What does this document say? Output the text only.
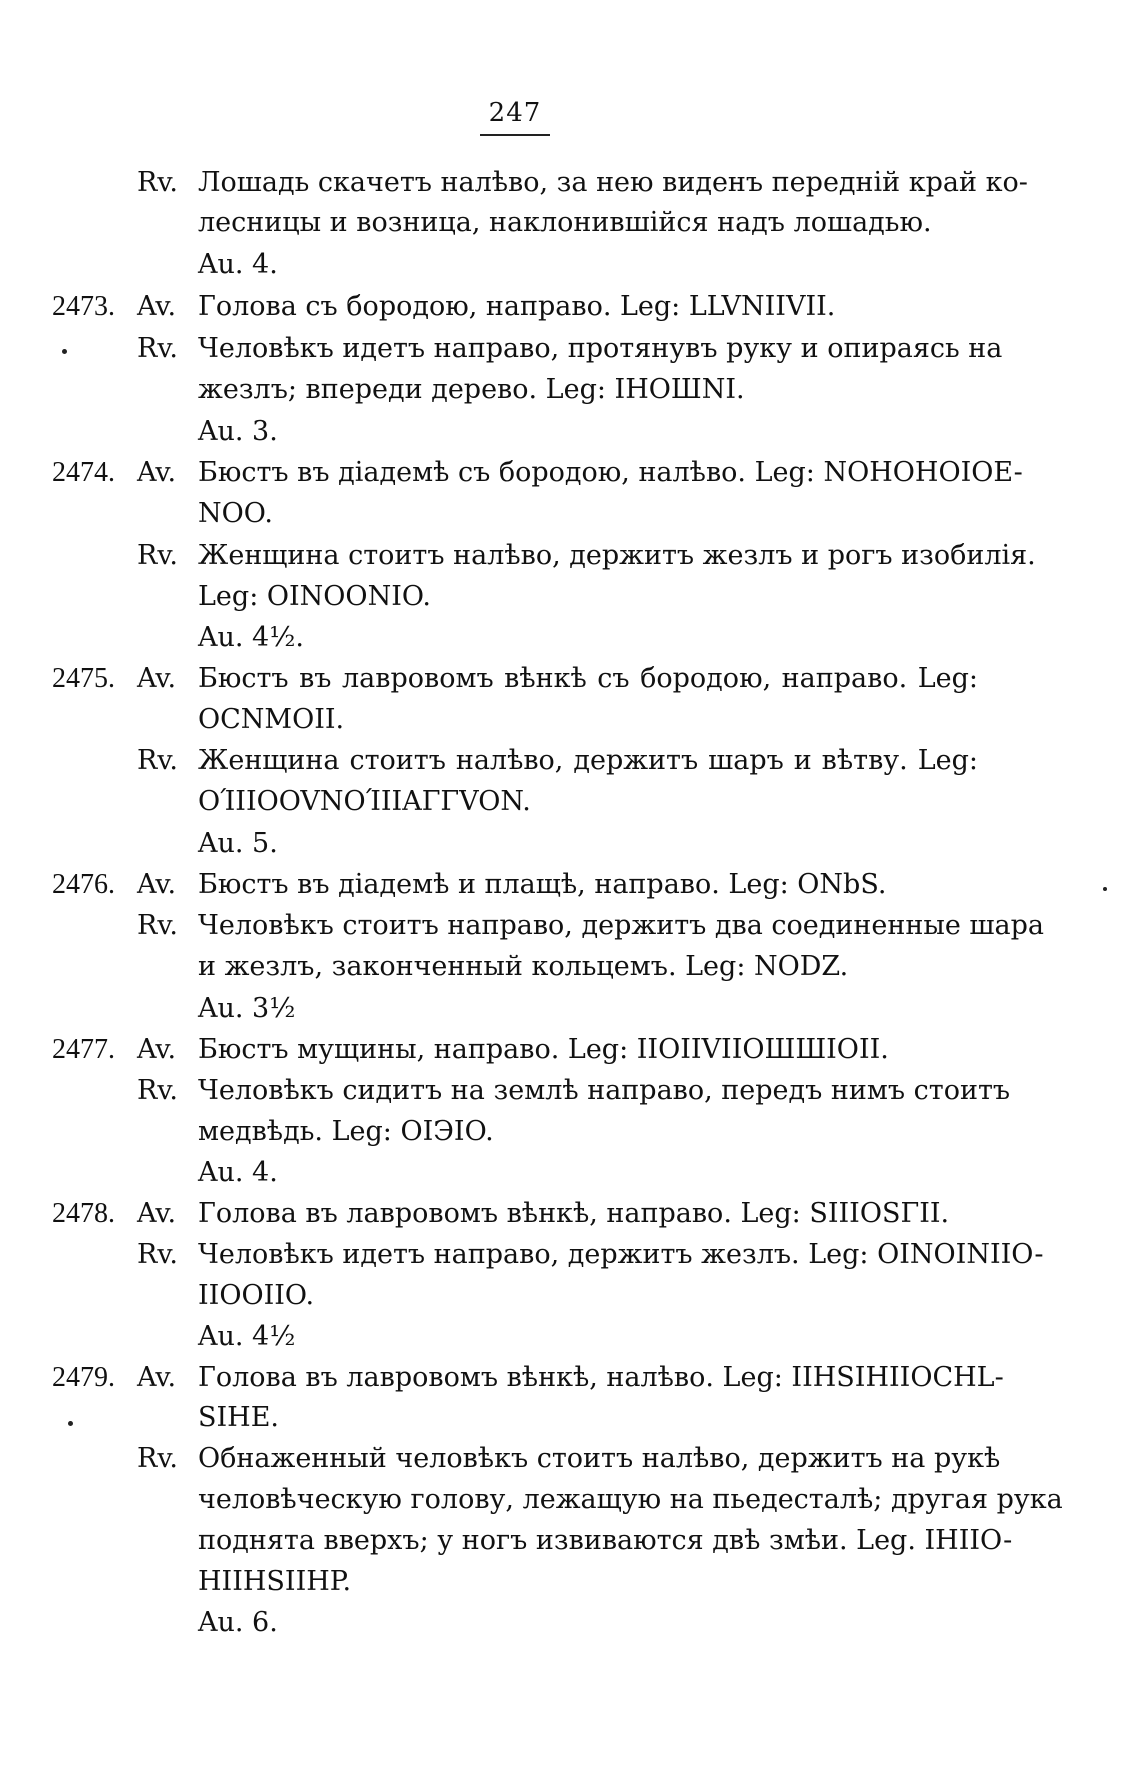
247
Rv. Лошадь скачетъ налѣво, за нею виденъ передній край ко-
лесницы и возница, наклонившійся надъ лошадью.
Au. 4.
2473. Av. Голова съ бородою, направо. Leg: LLVNIIVII.
Rv. Человѣкъ идетъ направо, протянувъ руку и опираясь на
жезлъ; впереди дерево. Leg: IHOШNI.
Au. 3.
2474. Av. Бюстъ въ діадемѣ съ бородою, налѣво. Leg: NOHOHOIOE-
NOO.
Rv. Женщина стоитъ налѣво, держитъ жезлъ и рогъ изобилія.
Leg: OINOONIO.
Au. 4½.
2475. Av. Бюстъ въ лавровомъ вѣнкѣ съ бородою, направо. Leg:
OCNMOII.
Rv. Женщина стоитъ налѣво, держитъ шаръ и вѣтву. Leg:
OΊIIOOVNOΊIIAΓΓVON.
Au. 5.
2476. Av. Бюстъ въ діадемѣ и плащѣ, направо. Leg: ONbS.
Rv. Человѣкъ стоитъ направо, держитъ два соединенные шара
и жезлъ, законченный кольцемъ. Leg: NODZ.
Au. 3½
2477. Av. Бюстъ мущины, направо. Leg: IIOIIVIIOШШIOII.
Rv. Человѣкъ сидитъ на землѣ направо, передъ нимъ стоитъ
медвѣдь. Leg: OIЭIO.
Au. 4.
2478. Av. Голова въ лавровомъ вѣнкѣ, направо. Leg: SIIIOSΓII.
Rv. Человѣкъ идетъ направо, держитъ жезлъ. Leg: OINOINIIO-
IIOOIIO.
Au. 4½
2479. Av. Голова въ лавровомъ вѣнкѣ, налѣво. Leg: IIHSIHIIOCHL-
SIHE.
Rv. Обнаженный человѣкъ стоитъ налѣво, держитъ на рукѣ
человѣческую голову, лежащую на пьедесталѣ; другая рука
поднята вверхъ; у ногъ извиваются двѣ змѣи. Leg. IHIIO-
HIIHSIIHP.
Au. 6.
